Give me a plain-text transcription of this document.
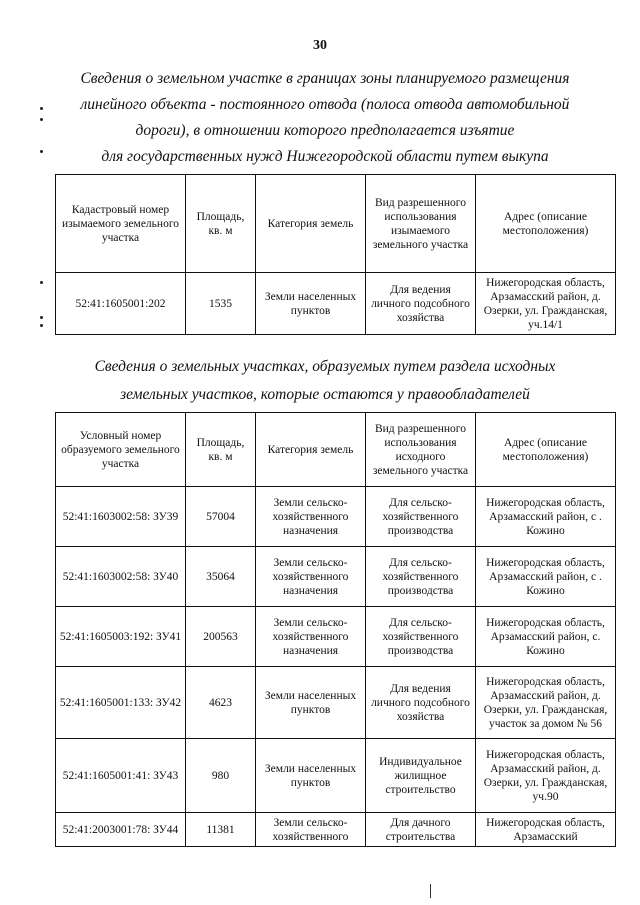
30
Сведения о земельном участке в границах зоны планируемого размещения
линейного объекта - постоянного отвода (полоса отвода автомобильной
дороги), в отношении которого предполагается изъятие
для государственных нужд Нижегородской области путем выкупа
Кадастровый номер изымаемого земельного участка	Площадь, кв. м	Категория земель	Вид разрешенного использования изымаемого земельного участка	Адрес (описание местоположения)
52:41:1605001:202	1535	Земли населенных пунктов	Для ведения личного подсобного хозяйства	Нижегородская область, Арзамасский район, д. Озерки, ул. Гражданская, уч.14/1
Сведения о земельных участках, образуемых путем раздела исходных
земельных участков, которые остаются у правообладателей
Условный номер образуемого земельного участка	Площадь, кв. м	Категория земель	Вид разрешенного использования исходного земельного участка	Адрес (описание местоположения)
52:41:1603002:58: ЗУ39	57004	Земли сельско-хозяйственного назначения	Для сельско-хозяйственного производства	Нижегородская область, Арзамасский район, с . Кожино
52:41:1603002:58: ЗУ40	35064	Земли сельско-хозяйственного назначения	Для сельско-хозяйственного производства	Нижегородская область, Арзамасский район, с . Кожино
52:41:1605003:192: ЗУ41	200563	Земли сельско-хозяйственного назначения	Для сельско-хозяйственного производства	Нижегородская область, Арзамасский район, с. Кожино
52:41:1605001:133: ЗУ42	4623	Земли населенных пунктов	Для ведения личного подсобного хозяйства	Нижегородская область, Арзамасский район, д. Озерки, ул. Гражданская, участок за домом № 56
52:41:1605001:41: ЗУ43	980	Земли населенных пунктов	Индивидуальное жилищное строительство	Нижегородская область, Арзамасский район, д. Озерки, ул. Гражданская, уч.90
52:41:2003001:78: ЗУ44	11381	Земли сельско-хозяйственного	Для дачного строительства	Нижегородская область, Арзамасский
